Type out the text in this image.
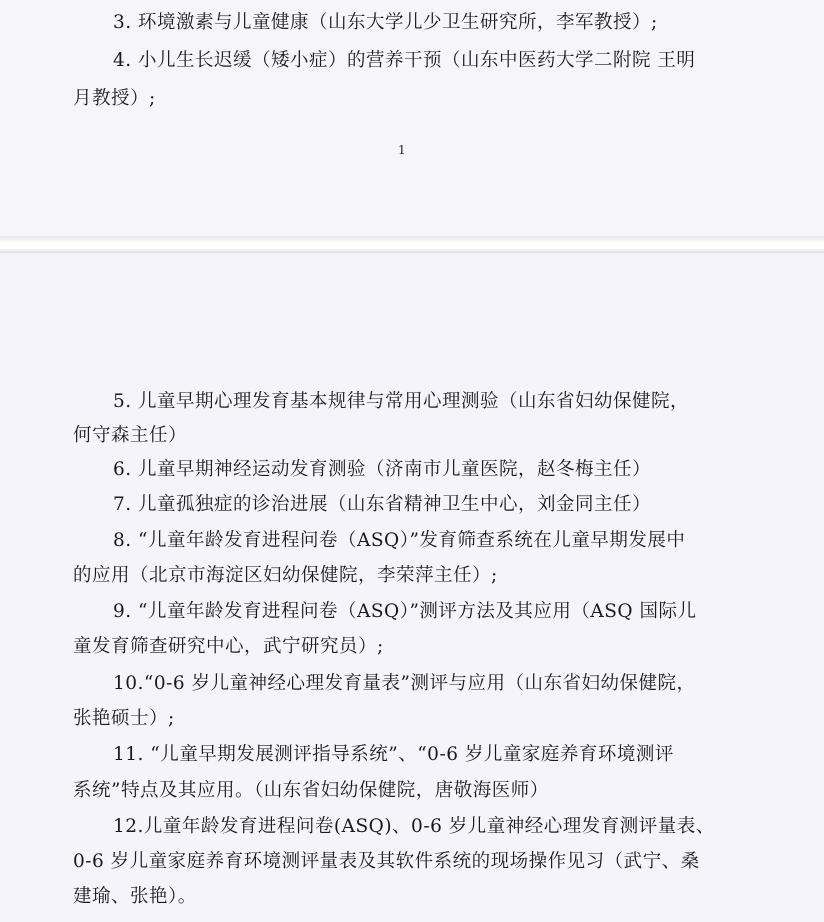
3. 环境激素与儿童健康（山东大学儿少卫生研究所，李军教授）;
4. 小儿生长迟缓（矮小症）的营养干预（山东中医药大学二附院 王明
月教授）;
1
5. 儿童早期心理发育基本规律与常用心理测验（山东省妇幼保健院，
何守森主任）
6. 儿童早期神经运动发育测验（济南市儿童医院，赵冬梅主任）
7. 儿童孤独症的诊治进展（山东省精神卫生中心，刘金同主任）
8. “儿童年龄发育进程问卷（ASQ）”发育筛查系统在儿童早期发展中
的应用（北京市海淀区妇幼保健院，李荣萍主任）;
9. “儿童年龄发育进程问卷（ASQ）”测评方法及其应用（ASQ 国际儿
童发育筛查研究中心，武宁研究员）;
10.“0-6 岁儿童神经心理发育量表”测评与应用（山东省妇幼保健院，
张艳硕士）;
11. “儿童早期发展测评指导系统”、“0-6 岁儿童家庭养育环境测评
系统”特点及其应用。（山东省妇幼保健院，唐敬海医师）
12.儿童年龄发育进程问卷(ASQ)、0-6 岁儿童神经心理发育测评量表、
0-6 岁儿童家庭养育环境测评量表及其软件系统的现场操作见习（武宁、桑
建瑜、张艳）。
